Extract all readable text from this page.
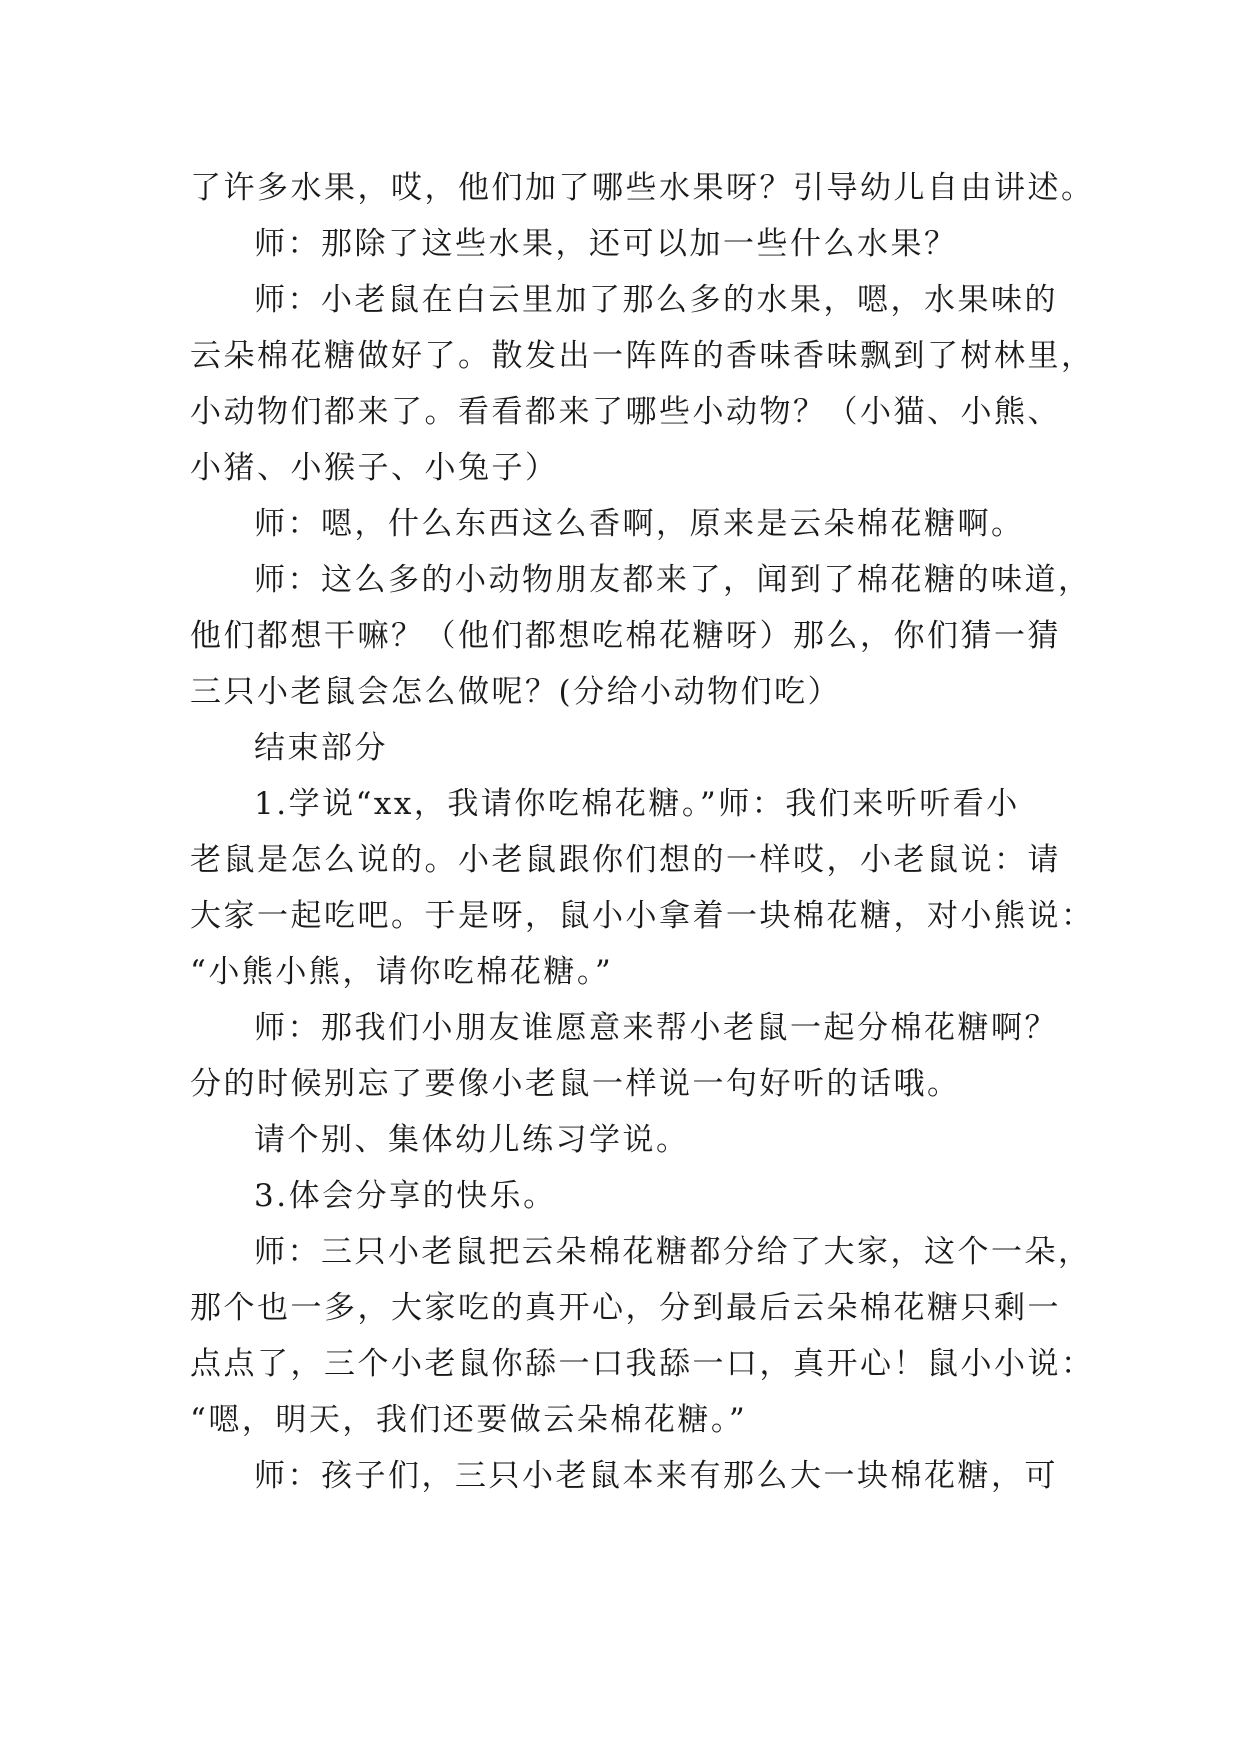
了许多水果，哎，他们加了哪些水果呀？引导幼儿自由讲述。
师：那除了这些水果，还可以加一些什么水果？
师：小老鼠在白云里加了那么多的水果，嗯，水果味的
云朵棉花糖做好了。散发出一阵阵的香味香味飘到了树林里，
小动物们都来了。看看都来了哪些小动物？（小猫、小熊、
小猪、小猴子、小兔子）
师：嗯，什么东西这么香啊，原来是云朵棉花糖啊。
师：这么多的小动物朋友都来了，闻到了棉花糖的味道，
他们都想干嘛？（他们都想吃棉花糖呀）那么，你们猜一猜
三只小老鼠会怎么做呢？(分给小动物们吃）
结束部分
1.学说“xx，我请你吃棉花糖。”师：我们来听听看小
老鼠是怎么说的。小老鼠跟你们想的一样哎，小老鼠说：请
大家一起吃吧。于是呀，鼠小小拿着一块棉花糖，对小熊说：
“小熊小熊，请你吃棉花糖。”
师：那我们小朋友谁愿意来帮小老鼠一起分棉花糖啊？
分的时候别忘了要像小老鼠一样说一句好听的话哦。
请个别、集体幼儿练习学说。
3.体会分享的快乐。
师：三只小老鼠把云朵棉花糖都分给了大家，这个一朵，
那个也一多，大家吃的真开心，分到最后云朵棉花糖只剩一
点点了，三个小老鼠你舔一口我舔一口，真开心！鼠小小说：
“嗯，明天，我们还要做云朵棉花糖。”
师：孩子们，三只小老鼠本来有那么大一块棉花糖，可
